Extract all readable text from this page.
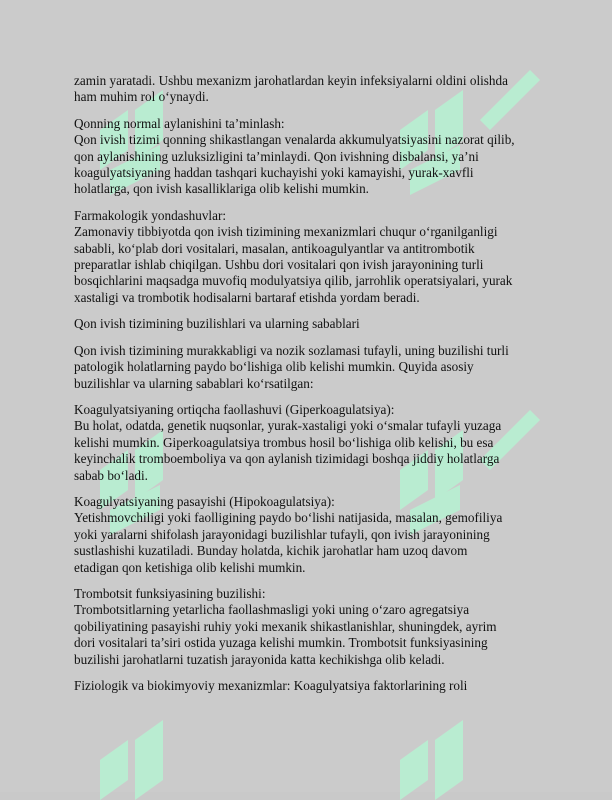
zamin yaratadi. Ushbu mexanizm jarohatlardan keyin infeksiyalarni oldini olishda
ham muhim rol o‘ynaydi.

Qonning normal aylanishini ta’minlash:
Qon ivish tizimi qonning shikastlangan venalarda akkumulyatsiyasini nazorat qilib,
qon aylanishining uzluksizligini ta’minlaydi. Qon ivishning disbalansi, ya’ni
koagulyatsiyaning haddan tashqari kuchayishi yoki kamayishi, yurak-xavfli
holatlarga, qon ivish kasalliklariga olib kelishi mumkin.

Farmakologik yondashuvlar:
Zamonaviy tibbiyotda qon ivish tizimining mexanizmlari chuqur o‘rganilganligi
sababli, ko‘plab dori vositalari, masalan, antikoagulyantlar va antitrombotik
preparatlar ishlab chiqilgan. Ushbu dori vositalari qon ivish jarayonining turli
bosqichlarini maqsadga muvofiq modulyatsiya qilib, jarrohlik operatsiyalari, yurak
xastaligi va trombotik hodisalarni bartaraf etishda yordam beradi.

Qon ivish tizimining buzilishlari va ularning sabablari

Qon ivish tizimining murakkabligi va nozik sozlamasi tufayli, uning buzilishi turli
patologik holatlarning paydo bo‘lishiga olib kelishi mumkin. Quyida asosiy
buzilishlar va ularning sabablari ko‘rsatilgan:

Koagulyatsiyaning ortiqcha faollashuvi (Giperkoagulatsiya):
Bu holat, odatda, genetik nuqsonlar, yurak-xastaligi yoki o‘smalar tufayli yuzaga
kelishi mumkin. Giperkoagulatsiya trombus hosil bo‘lishiga olib kelishi, bu esa
keyinchalik tromboemboliya va qon aylanish tizimidagi boshqa jiddiy holatlarga
sabab bo‘ladi.

Koagulyatsiyaning pasayishi (Hipokoagulatsiya):
Yetishmovchiligi yoki faolligining paydo bo‘lishi natijasida, masalan, gemofiliya
yoki yaralarni shifolash jarayonidagi buzilishlar tufayli, qon ivish jarayonining
sustlashishi kuzatiladi. Bunday holatda, kichik jarohatlar ham uzoq davom
etadigan qon ketishiga olib kelishi mumkin.

Trombotsit funksiyasining buzilishi:
Trombotsitlarning yetarlicha faollashmasligi yoki uning o‘zaro agregatsiya
qobiliyatining pasayishi ruhiy yoki mexanik shikastlanishlar, shuningdek, ayrim
dori vositalari ta’siri ostida yuzaga kelishi mumkin. Trombotsit funksiyasining
buzilishi jarohatlarni tuzatish jarayonida katta kechikishga olib keladi.

Fiziologik va biokimyoviy mexanizmlar: Koagulyatsiya faktorlarining roli
